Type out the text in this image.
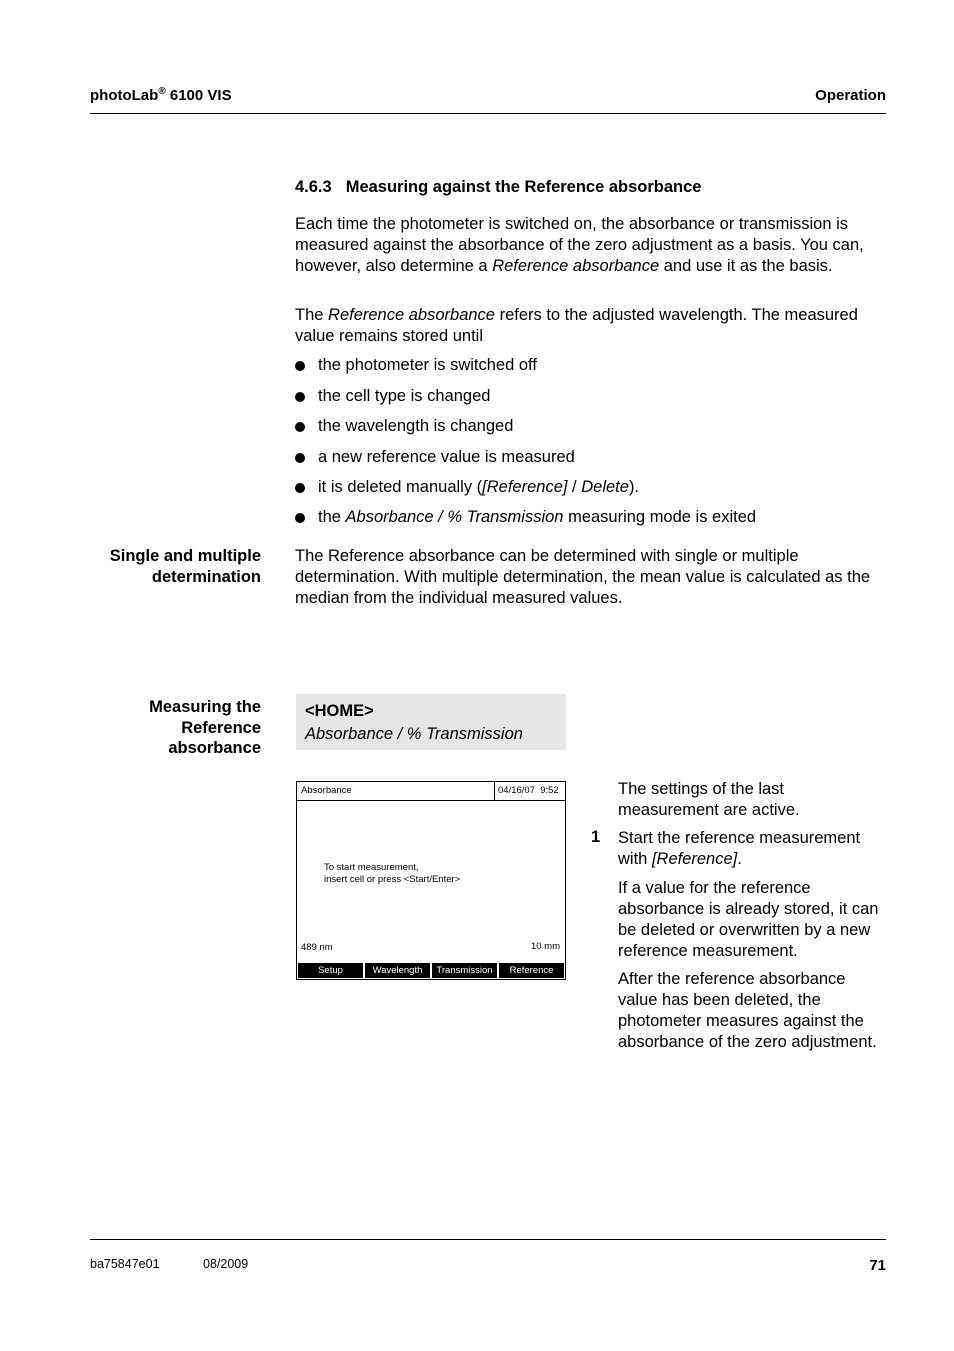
photoLab® 6100 VIS	Operation
4.6.3 Measuring against the Reference absorbance
Each time the photometer is switched on, the absorbance or transmission is measured against the absorbance of the zero adjustment as a basis. You can, however, also determine a Reference absorbance and use it as the basis.
The Reference absorbance refers to the adjusted wavelength. The measured value remains stored until
the photometer is switched off
the cell type is changed
the wavelength is changed
a new reference value is measured
it is deleted manually ([Reference] / Delete).
the Absorbance / % Transmission measuring mode is exited
Single and multiple
determination
The Reference absorbance can be determined with single or multiple determination. With multiple determination, the mean value is calculated as the median from the individual measured values.
Measuring the
Reference
absorbance
<HOME>
Absorbance / % Transmission
Absorbance	04/16/07  9:52
To start measurement,
insert cell or press <Start/Enter>
489 nm	10 mm
Setup	Wavelength	Transmission	Reference
The settings of the last measurement are active.
1 Start the reference measurement with [Reference].
If a value for the reference absorbance is already stored, it can be deleted or overwritten by a new reference measurement.
After the reference absorbance value has been deleted, the photometer measures against the absorbance of the zero adjustment.
ba75847e01	08/2009	71
